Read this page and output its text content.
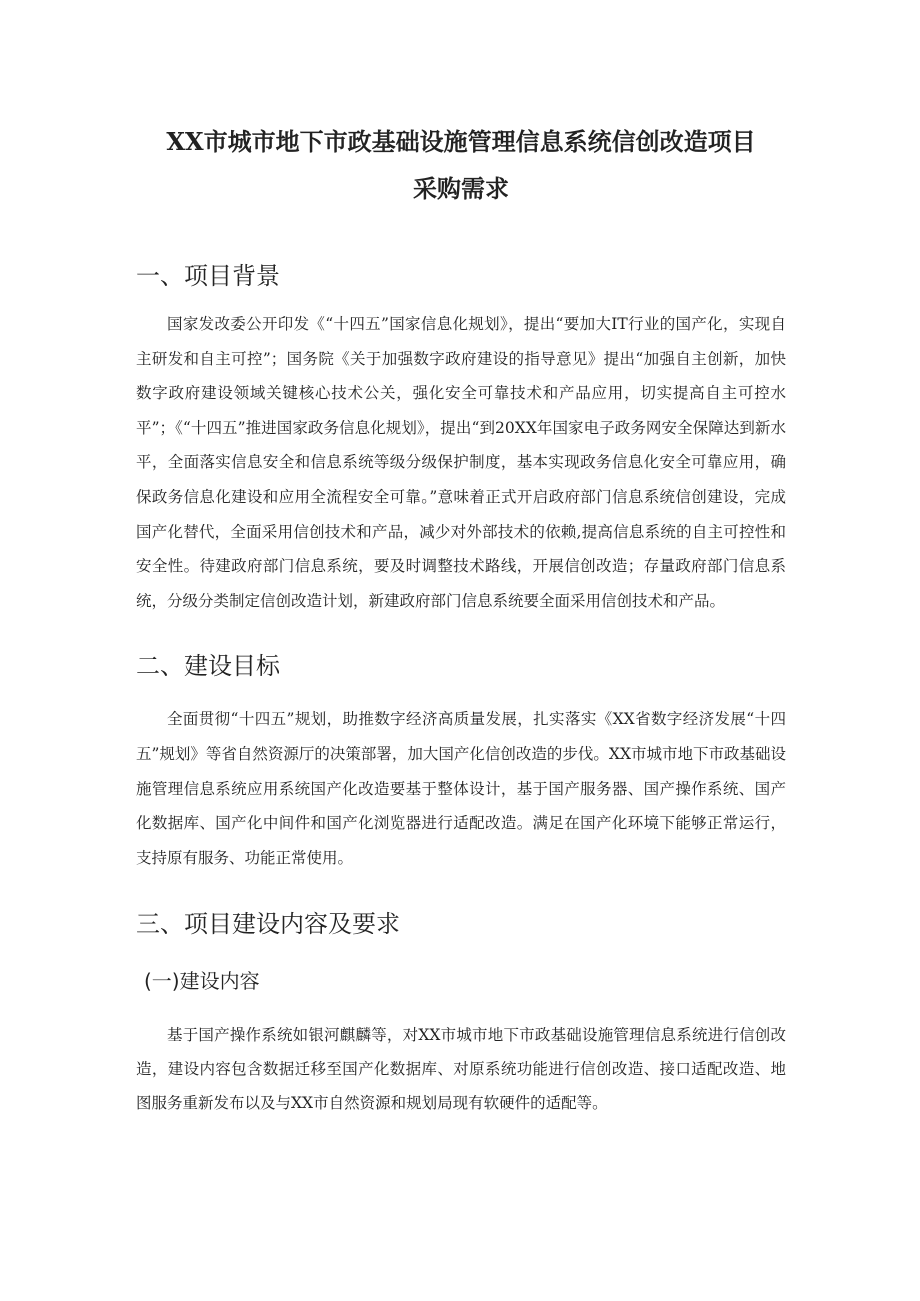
XX市城市地下市政基础设施管理信息系统信创改造项目
采购需求
一、项目背景

国家发改委公开印发《“十四五”国家信息化规划》，提出“要加大IT行业的国产化，实现自主研发和自主可控”；国务院《关于加强数字政府建设的指导意见》提出“加强自主创新，加快数字政府建设领域关键核心技术公关，强化安全可靠技术和产品应用，切实提高自主可控水平”；《“十四五”推进国家政务信息化规划》，提出“到20XX年国家电子政务网安全保障达到新水平，全面落实信息安全和信息系统等级分级保护制度，基本实现政务信息化安全可靠应用，确保政务信息化建设和应用全流程安全可靠。”意味着正式开启政府部门信息系统信创建设，完成国产化替代，全面采用信创技术和产品，减少对外部技术的依赖,提高信息系统的自主可控性和安全性。待建政府部门信息系统，要及时调整技术路线，开展信创改造；存量政府部门信息系统，分级分类制定信创改造计划，新建政府部门信息系统要全面采用信创技术和产品。

二、建设目标

全面贯彻“十四五”规划，助推数字经济高质量发展，扎实落实《XX省数字经济发展“十四五”规划》等省自然资源厅的决策部署，加大国产化信创改造的步伐。XX市城市地下市政基础设施管理信息系统应用系统国产化改造要基于整体设计，基于国产服务器、国产操作系统、国产化数据库、国产化中间件和国产化浏览器进行适配改造。满足在国产化环境下能够正常运行，支持原有服务、功能正常使用。

三、项目建设内容及要求
(一)建设内容

基于国产操作系统如银河麒麟等，对XX市城市地下市政基础设施管理信息系统进行信创改造，建设内容包含数据迁移至国产化数据库、对原系统功能进行信创改造、接口适配改造、地图服务重新发布以及与XX市自然资源和规划局现有软硬件的适配等。
